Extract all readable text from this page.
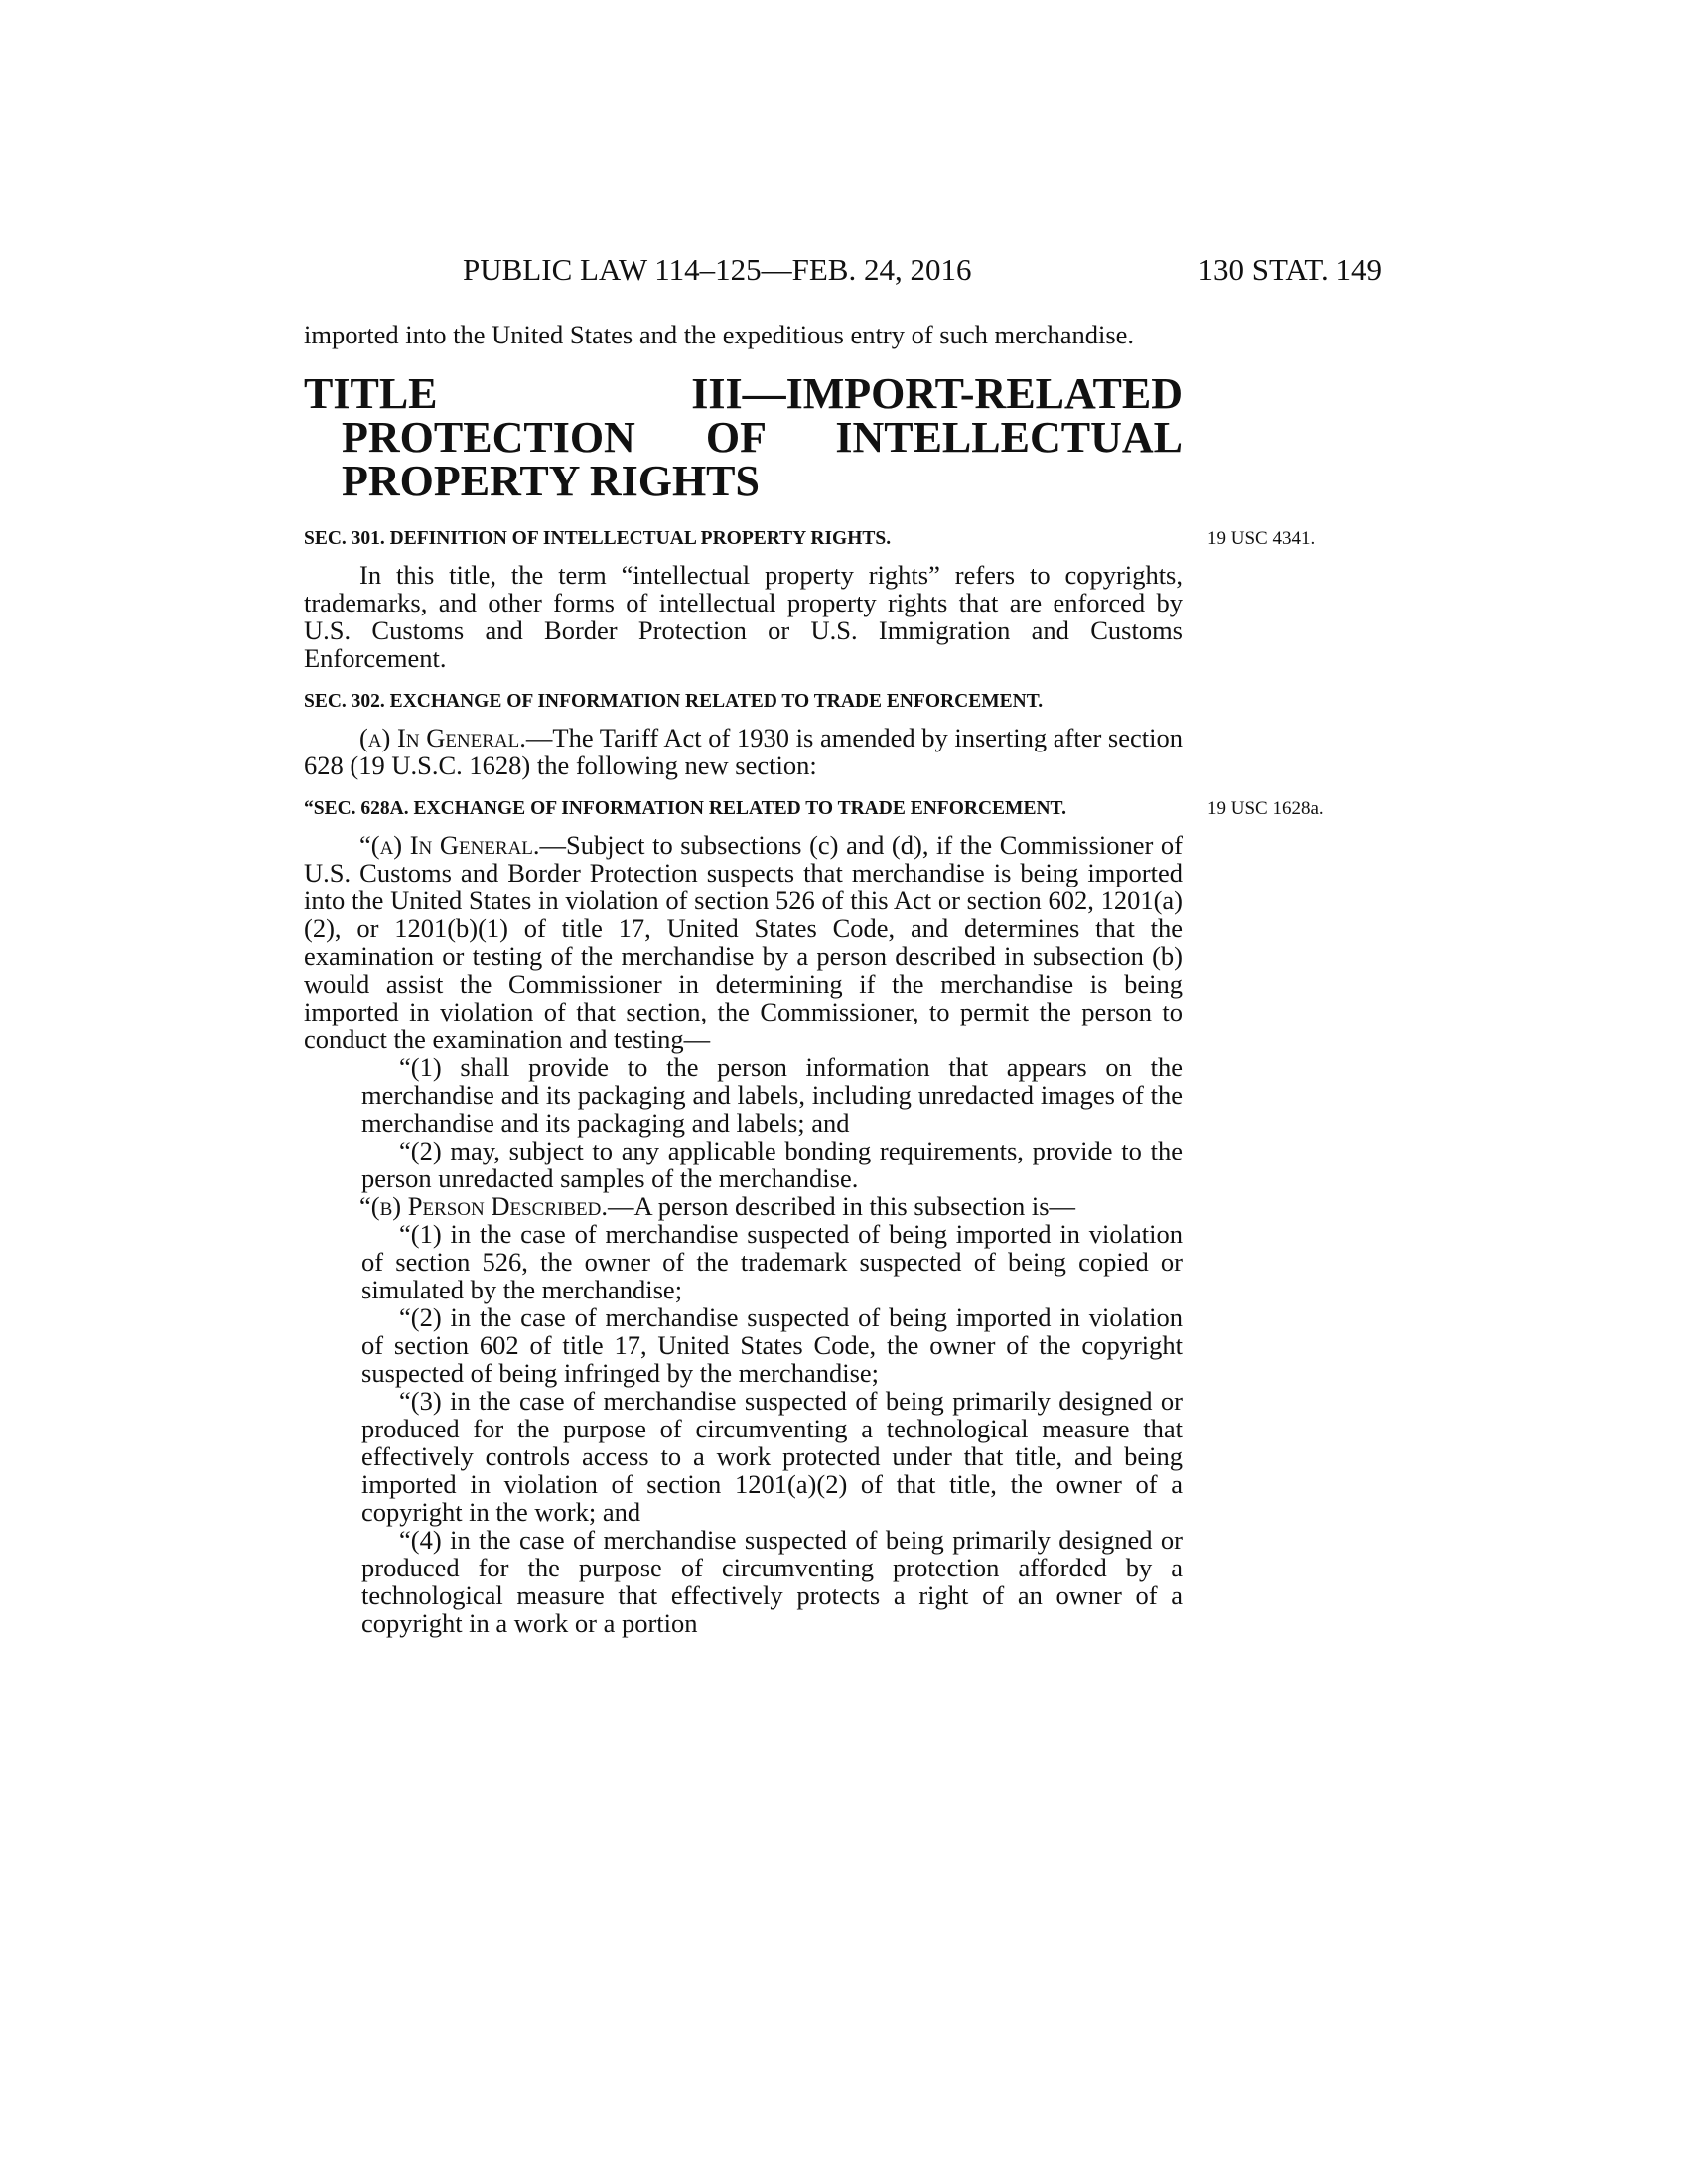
PUBLIC LAW 114–125—FEB. 24, 2016	130 STAT. 149

imported into the United States and the expeditious entry of such merchandise.

TITLE III—IMPORT-RELATED PROTECTION OF INTELLECTUAL PROPERTY RIGHTS
SEC. 301. DEFINITION OF INTELLECTUAL PROPERTY RIGHTS.	19 USC 4341.

In this title, the term “intellectual property rights” refers to copyrights, trademarks, and other forms of intellectual property rights that are enforced by U.S. Customs and Border Protection or U.S. Immigration and Customs Enforcement.

SEC. 302. EXCHANGE OF INFORMATION RELATED TO TRADE ENFORCEMENT.

(a) In General.—The Tariff Act of 1930 is amended by inserting after section 628 (19 U.S.C. 1628) the following new section:

“SEC. 628A. EXCHANGE OF INFORMATION RELATED TO TRADE ENFORCEMENT.	19 USC 1628a.

“(a) In General.—Subject to subsections (c) and (d), if the Commissioner of U.S. Customs and Border Protection suspects that merchandise is being imported into the United States in violation of section 526 of this Act or section 602, 1201(a)(2), or 1201(b)(1) of title 17, United States Code, and determines that the examination or testing of the merchandise by a person described in subsection (b) would assist the Commissioner in determining if the merchandise is being imported in violation of that section, the Commissioner, to permit the person to conduct the examination and testing—

“(1) shall provide to the person information that appears on the merchandise and its packaging and labels, including unredacted images of the merchandise and its packaging and labels; and

“(2) may, subject to any applicable bonding requirements, provide to the person unredacted samples of the merchandise.

“(b) Person Described.—A person described in this subsection is—

“(1) in the case of merchandise suspected of being imported in violation of section 526, the owner of the trademark suspected of being copied or simulated by the merchandise;

“(2) in the case of merchandise suspected of being imported in violation of section 602 of title 17, United States Code, the owner of the copyright suspected of being infringed by the merchandise;

“(3) in the case of merchandise suspected of being primarily designed or produced for the purpose of circumventing a technological measure that effectively controls access to a work protected under that title, and being imported in violation of section 1201(a)(2) of that title, the owner of a copyright in the work; and

“(4) in the case of merchandise suspected of being primarily designed or produced for the purpose of circumventing protection afforded by a technological measure that effectively protects a right of an owner of a copyright in a work or a portion
